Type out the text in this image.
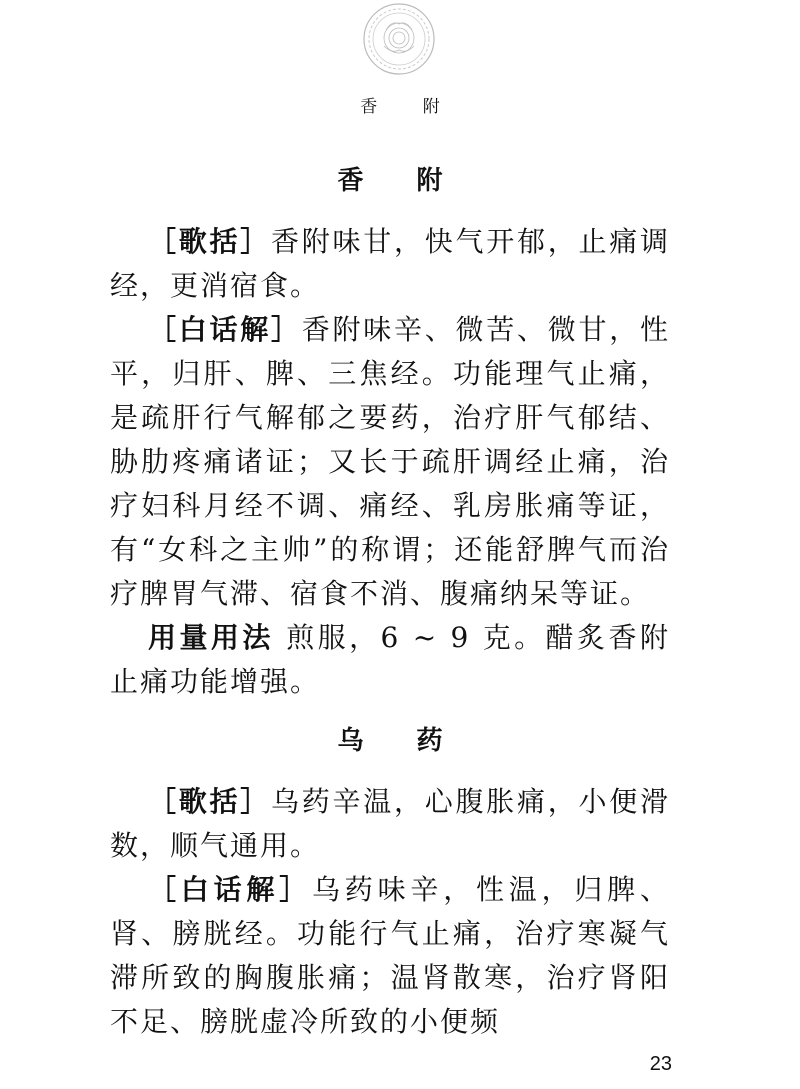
香 附
香 附

［歌括］香附味甘，快气开郁，止痛调经，更消宿食。

［白话解］香附味辛、微苦、微甘，性平，归肝、脾、三焦经。功能理气止痛，是疏肝行气解郁之要药，治疗肝气郁结、胁肋疼痛诸证；又长于疏肝调经止痛，治疗妇科月经不调、痛经、乳房胀痛等证，有“女科之主帅”的称谓；还能舒脾气而治疗脾胃气滞、宿食不消、腹痛纳呆等证。

用量用法 煎服，6 ~ 9 克。醋炙香附止痛功能增强。

乌 药

［歌括］乌药辛温，心腹胀痛，小便滑数，顺气通用。

［白话解］乌药味辛，性温，归脾、肾、膀胱经。功能行气止痛，治疗寒凝气滞所致的胸腹胀痛；温肾散寒，治疗肾阳不足、膀胱虚冷所致的小便频

23
